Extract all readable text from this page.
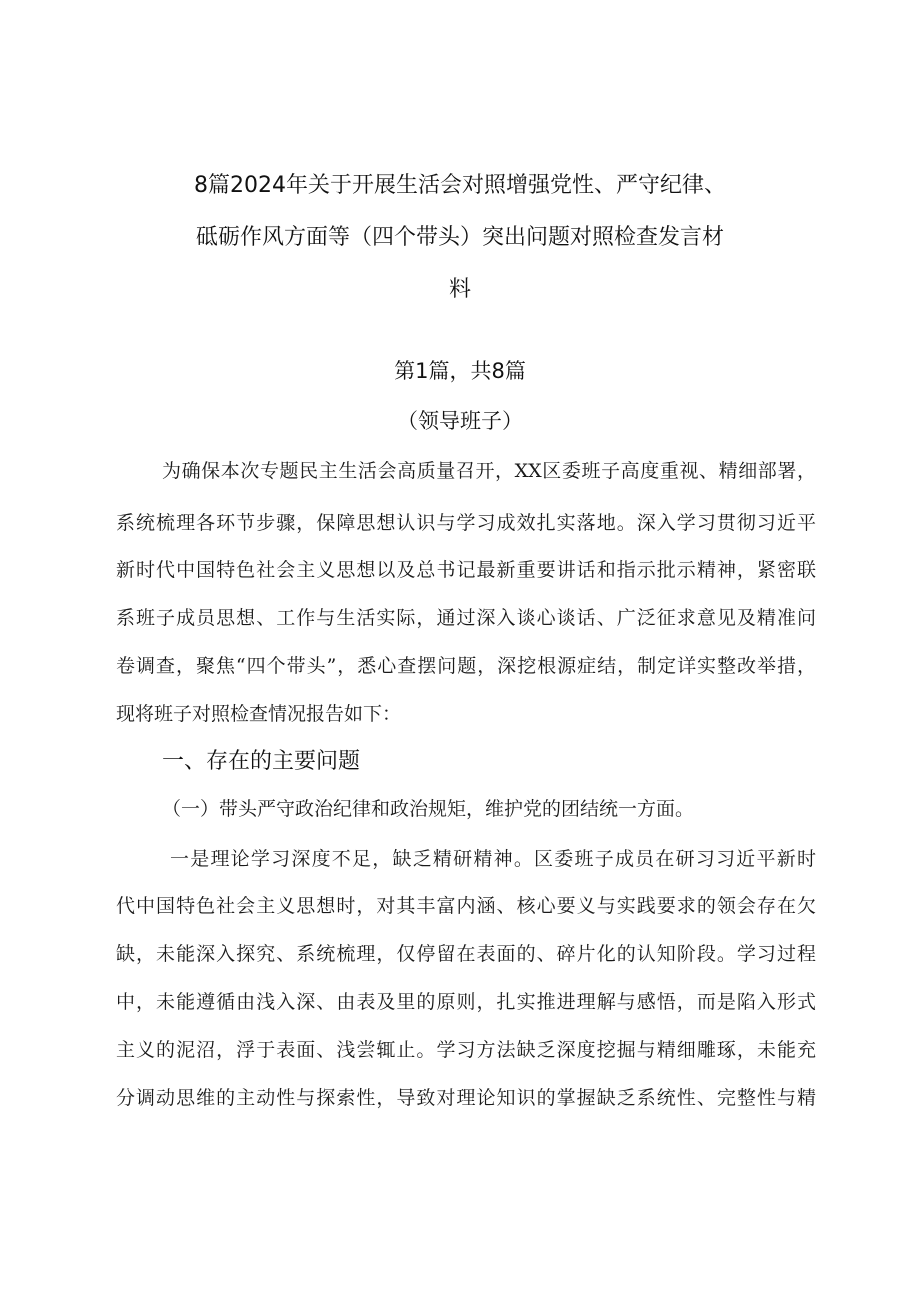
8篇2024年关于开展生活会对照增强党性、严守纪律、
砥砺作风方面等（四个带头）突出问题对照检查发言材
料
第1篇，共8篇
（领导班子）
为确保本次专题民主生活会高质量召开，XX区委班子高度重视、精细部署，
系统梳理各环节步骤，保障思想认识与学习成效扎实落地。深入学习贯彻习近平
新时代中国特色社会主义思想以及总书记最新重要讲话和指示批示精神，紧密联
系班子成员思想、工作与生活实际，通过深入谈心谈话、广泛征求意见及精准问
卷调查，聚焦“四个带头”，悉心查摆问题，深挖根源症结，制定详实整改举措，
现将班子对照检查情况报告如下：
一、存在的主要问题
（一）带头严守政治纪律和政治规矩，维护党的团结统一方面。
一是理论学习深度不足，缺乏精研精神。区委班子成员在研习习近平新时
代中国特色社会主义思想时，对其丰富内涵、核心要义与实践要求的领会存在欠
缺，未能深入探究、系统梳理，仅停留在表面的、碎片化的认知阶段。学习过程
中，未能遵循由浅入深、由表及里的原则，扎实推进理解与感悟，而是陷入形式
主义的泥沼，浮于表面、浅尝辄止。学习方法缺乏深度挖掘与精细雕琢，未能充
分调动思维的主动性与探索性，导致对理论知识的掌握缺乏系统性、完整性与精
